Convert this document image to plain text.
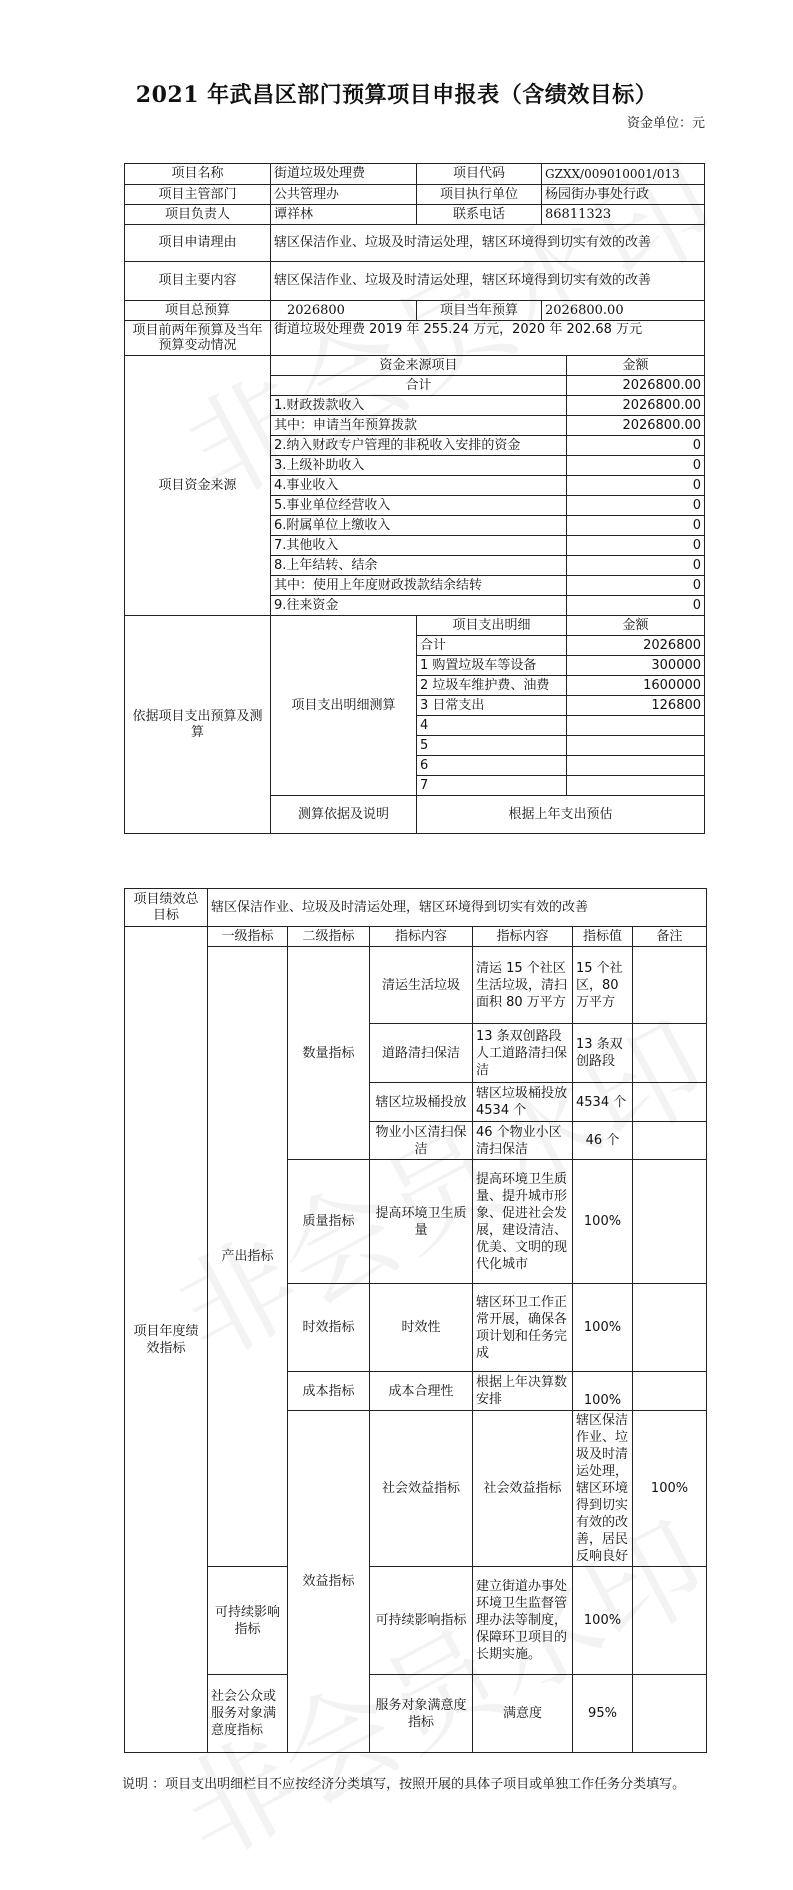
2021 年武昌区部门预算项目申报表（含绩效目标）
资金单位：元
项目名称	街道垃圾处理费	项目代码	GZXX/009010001/013	
项目主管部门	公共管理办	项目执行单位	杨园街办事处行政	
项目负责人	谭祥林	联系电话	86811323	
项目申请理由	辖区保洁作业、垃圾及时清运处理，辖区环境得到切实有效的改善			
项目主要内容	辖区保洁作业、垃圾及时清运处理，辖区环境得到切实有效的改善			
项目总预算	2026800	项目当年预算	2026800.00	
项目前两年预算及当年预算变动情况	街道垃圾处理费 2019 年 255.24 万元，2020 年 202.68 万元			
项目资金来源	资金来源项目			金额
	合计			2026800.00
	1.财政拨款收入			2026800.00
	其中：申请当年预算拨款			2026800.00
	2.纳入财政专户管理的非税收入安排的资金			0
	3.上级补助收入			0
	4.事业收入			0
	5.事业单位经营收入			0
	6.附属单位上缴收入			0
	7.其他收入			0
	8.上年结转、结余			0
	其中：使用上年度财政拨款结余结转			0
	9.往来资金			0
依据项目支出预算及测算	项目支出明细测算	项目支出明细		金额
		合计		2026800
		1 购置垃圾车等设备		300000
		2 垃圾车维护费、油费		1600000
		3 日常支出		126800
		4		
		5		
		6		
		7		
	测算依据及说明	根据上年支出预估		
项目绩效总目标	辖区保洁作业、垃圾及时清运处理，辖区环境得到切实有效的改善						
项目年度绩效指标	一级指标	二级指标	指标内容	指标内容	指标值	备注	
	产出指标	数量指标	清运生活垃圾	清运 15 个社区生活垃圾，清扫面积 80 万平方	15 个社区，80 万平方		
			道路清扫保洁	13 条双创路段人工道路清扫保洁	13 条双创路段		
			辖区垃圾桶投放	辖区垃圾桶投放 4534 个	4534 个		
			物业小区清扫保洁	46 个物业小区清扫保洁	46 个		
		质量指标	提高环境卫生质量	提高环境卫生质量、提升城市形象、促进社会发展，建设清洁、优美、文明的现代化城市	100%		
		时效指标	时效性	辖区环卫工作正常开展，确保各项计划和任务完成	100%		
		成本指标	成本合理性	根据上年决算数安排	100%		
		效益指标	社会效益指标	社会效益指标	辖区保洁作业、垃圾及时清运处理，辖区环境得到切实有效的改善，居民反响良好	100%	
	可持续影响指标		可持续影响指标	建立街道办事处环境卫生监督管理办法等制度，保障环卫项目的长期实施。	100%		
	社会公众或服务对象满意度指标		服务对象满意度指标	满意度	95%		
说明 ：项目支出明细栏目不应按经济分类填写，按照开展的具体子项目或单独工作任务分类填写。
